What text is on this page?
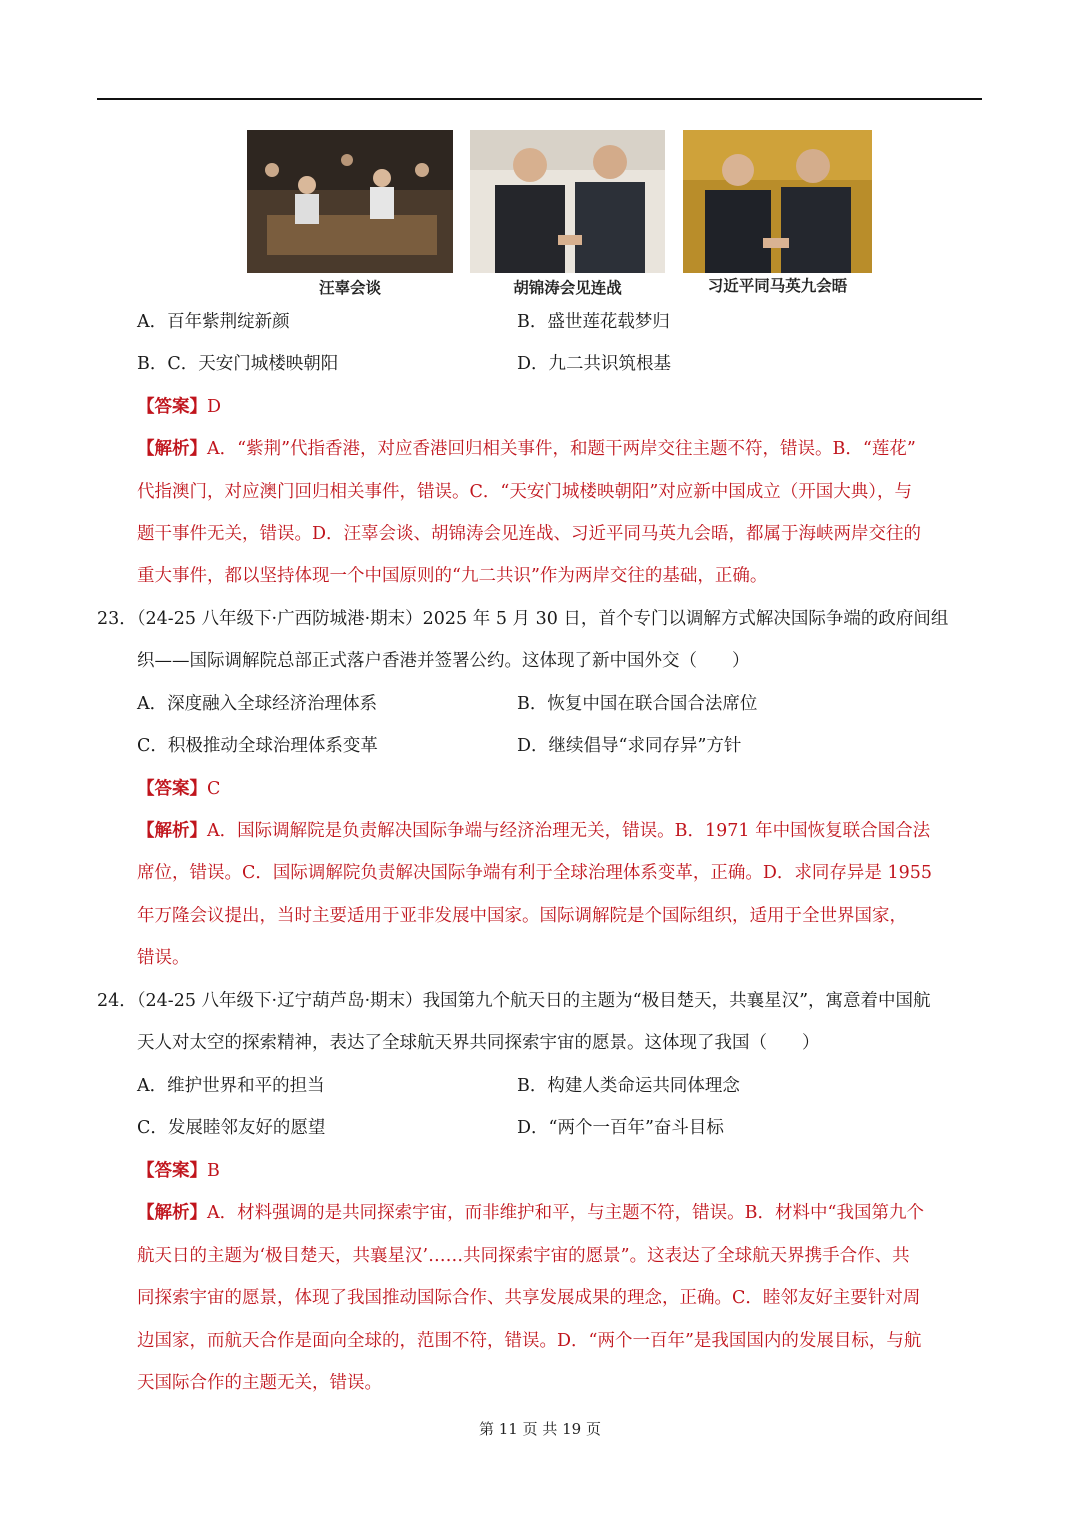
汪辜会谈	胡锦涛会见连战	习近平同马英九会晤
A．百年紫荆绽新颜	B．盛世莲花载梦归
B．C．天安门城楼映朝阳	D．九二共识筑根基
【答案】D
【解析】A．“紫荆”代指香港，对应香港回归相关事件，和题干两岸交往主题不符，错误。B．“莲花”
代指澳门，对应澳门回归相关事件，错误。C．“天安门城楼映朝阳”对应新中国成立（开国大典），与
题干事件无关，错误。D．汪辜会谈、胡锦涛会见连战、习近平同马英九会晤，都属于海峡两岸交往的
重大事件，都以坚持体现一个中国原则的“九二共识”作为两岸交往的基础，正确。
23．（24-25 八年级下·广西防城港·期末）2025 年 5 月 30 日，首个专门以调解方式解决国际争端的政府间组
织——国际调解院总部正式落户香港并签署公约。这体现了新中国外交（　　）
A．深度融入全球经济治理体系	B．恢复中国在联合国合法席位
C．积极推动全球治理体系变革	D．继续倡导“求同存异”方针
【答案】C
【解析】A．国际调解院是负责解决国际争端与经济治理无关，错误。B．1971 年中国恢复联合国合法
席位，错误。C．国际调解院负责解决国际争端有利于全球治理体系变革，正确。D．求同存异是 1955
年万隆会议提出，当时主要适用于亚非发展中国家。国际调解院是个国际组织，适用于全世界国家，
错误。
24．（24-25 八年级下·辽宁葫芦岛·期末）我国第九个航天日的主题为“极目楚天，共襄星汉”，寓意着中国航
天人对太空的探索精神，表达了全球航天界共同探索宇宙的愿景。这体现了我国（　　）
A．维护世界和平的担当	B．构建人类命运共同体理念
C．发展睦邻友好的愿望	D．“两个一百年”奋斗目标
【答案】B
【解析】A．材料强调的是共同探索宇宙，而非维护和平，与主题不符，错误。B．材料中“我国第九个
航天日的主题为‘极目楚天，共襄星汉’……共同探索宇宙的愿景”。这表达了全球航天界携手合作、共
同探索宇宙的愿景，体现了我国推动国际合作、共享发展成果的理念，正确。C．睦邻友好主要针对周
边国家，而航天合作是面向全球的，范围不符，错误。D．“两个一百年”是我国国内的发展目标，与航
天国际合作的主题无关，错误。
第 11 页 共 19 页
